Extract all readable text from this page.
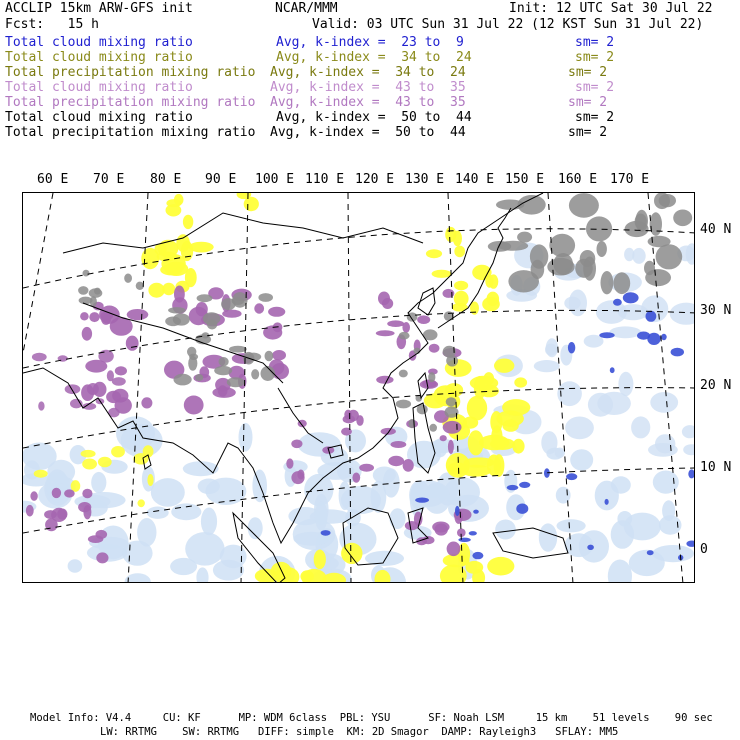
ACCLIP 15km ARW-GFS init	NCAR/MMM	Init: 12 UTC Sat 30 Jul 22
Fcst:   15 h	Valid: 03 UTC Sun 31 Jul 22 (12 KST Sun 31 Jul 22)
Total cloud mixing ratio	Avg, k-index =  23 to  9	sm= 2
Total cloud mixing ratio	Avg, k-index =  34 to  24	sm= 2
Total precipitation mixing ratio Avg, k-index =  34 to  24	sm= 2
Total cloud mixing ratio	Avg, k-index =  43 to  35	sm= 2
Total precipitation mixing ratio Avg, k-index =  43 to  35	sm= 2
Total cloud mixing ratio	Avg, k-index =  50 to  44	sm= 2
Total precipitation mixing ratio Avg, k-index =  50 to  44	sm= 2
60 E 70 E 80 E 90 E 100 E 110 E 120 E 130 E 140 E 150 E 160 E 170 E
40 N
30 N
20 N
10 N
0
Model Info: V4.4     CU: KF      MP: WDM 6class  PBL: YSU      SF: Noah LSM     15 km    51 levels    90 sec
LW: RRTMG    SW: RRTMG   DIFF: simple  KM: 2D Smagor  DAMP: Rayleigh3   SFLAY: MM5
